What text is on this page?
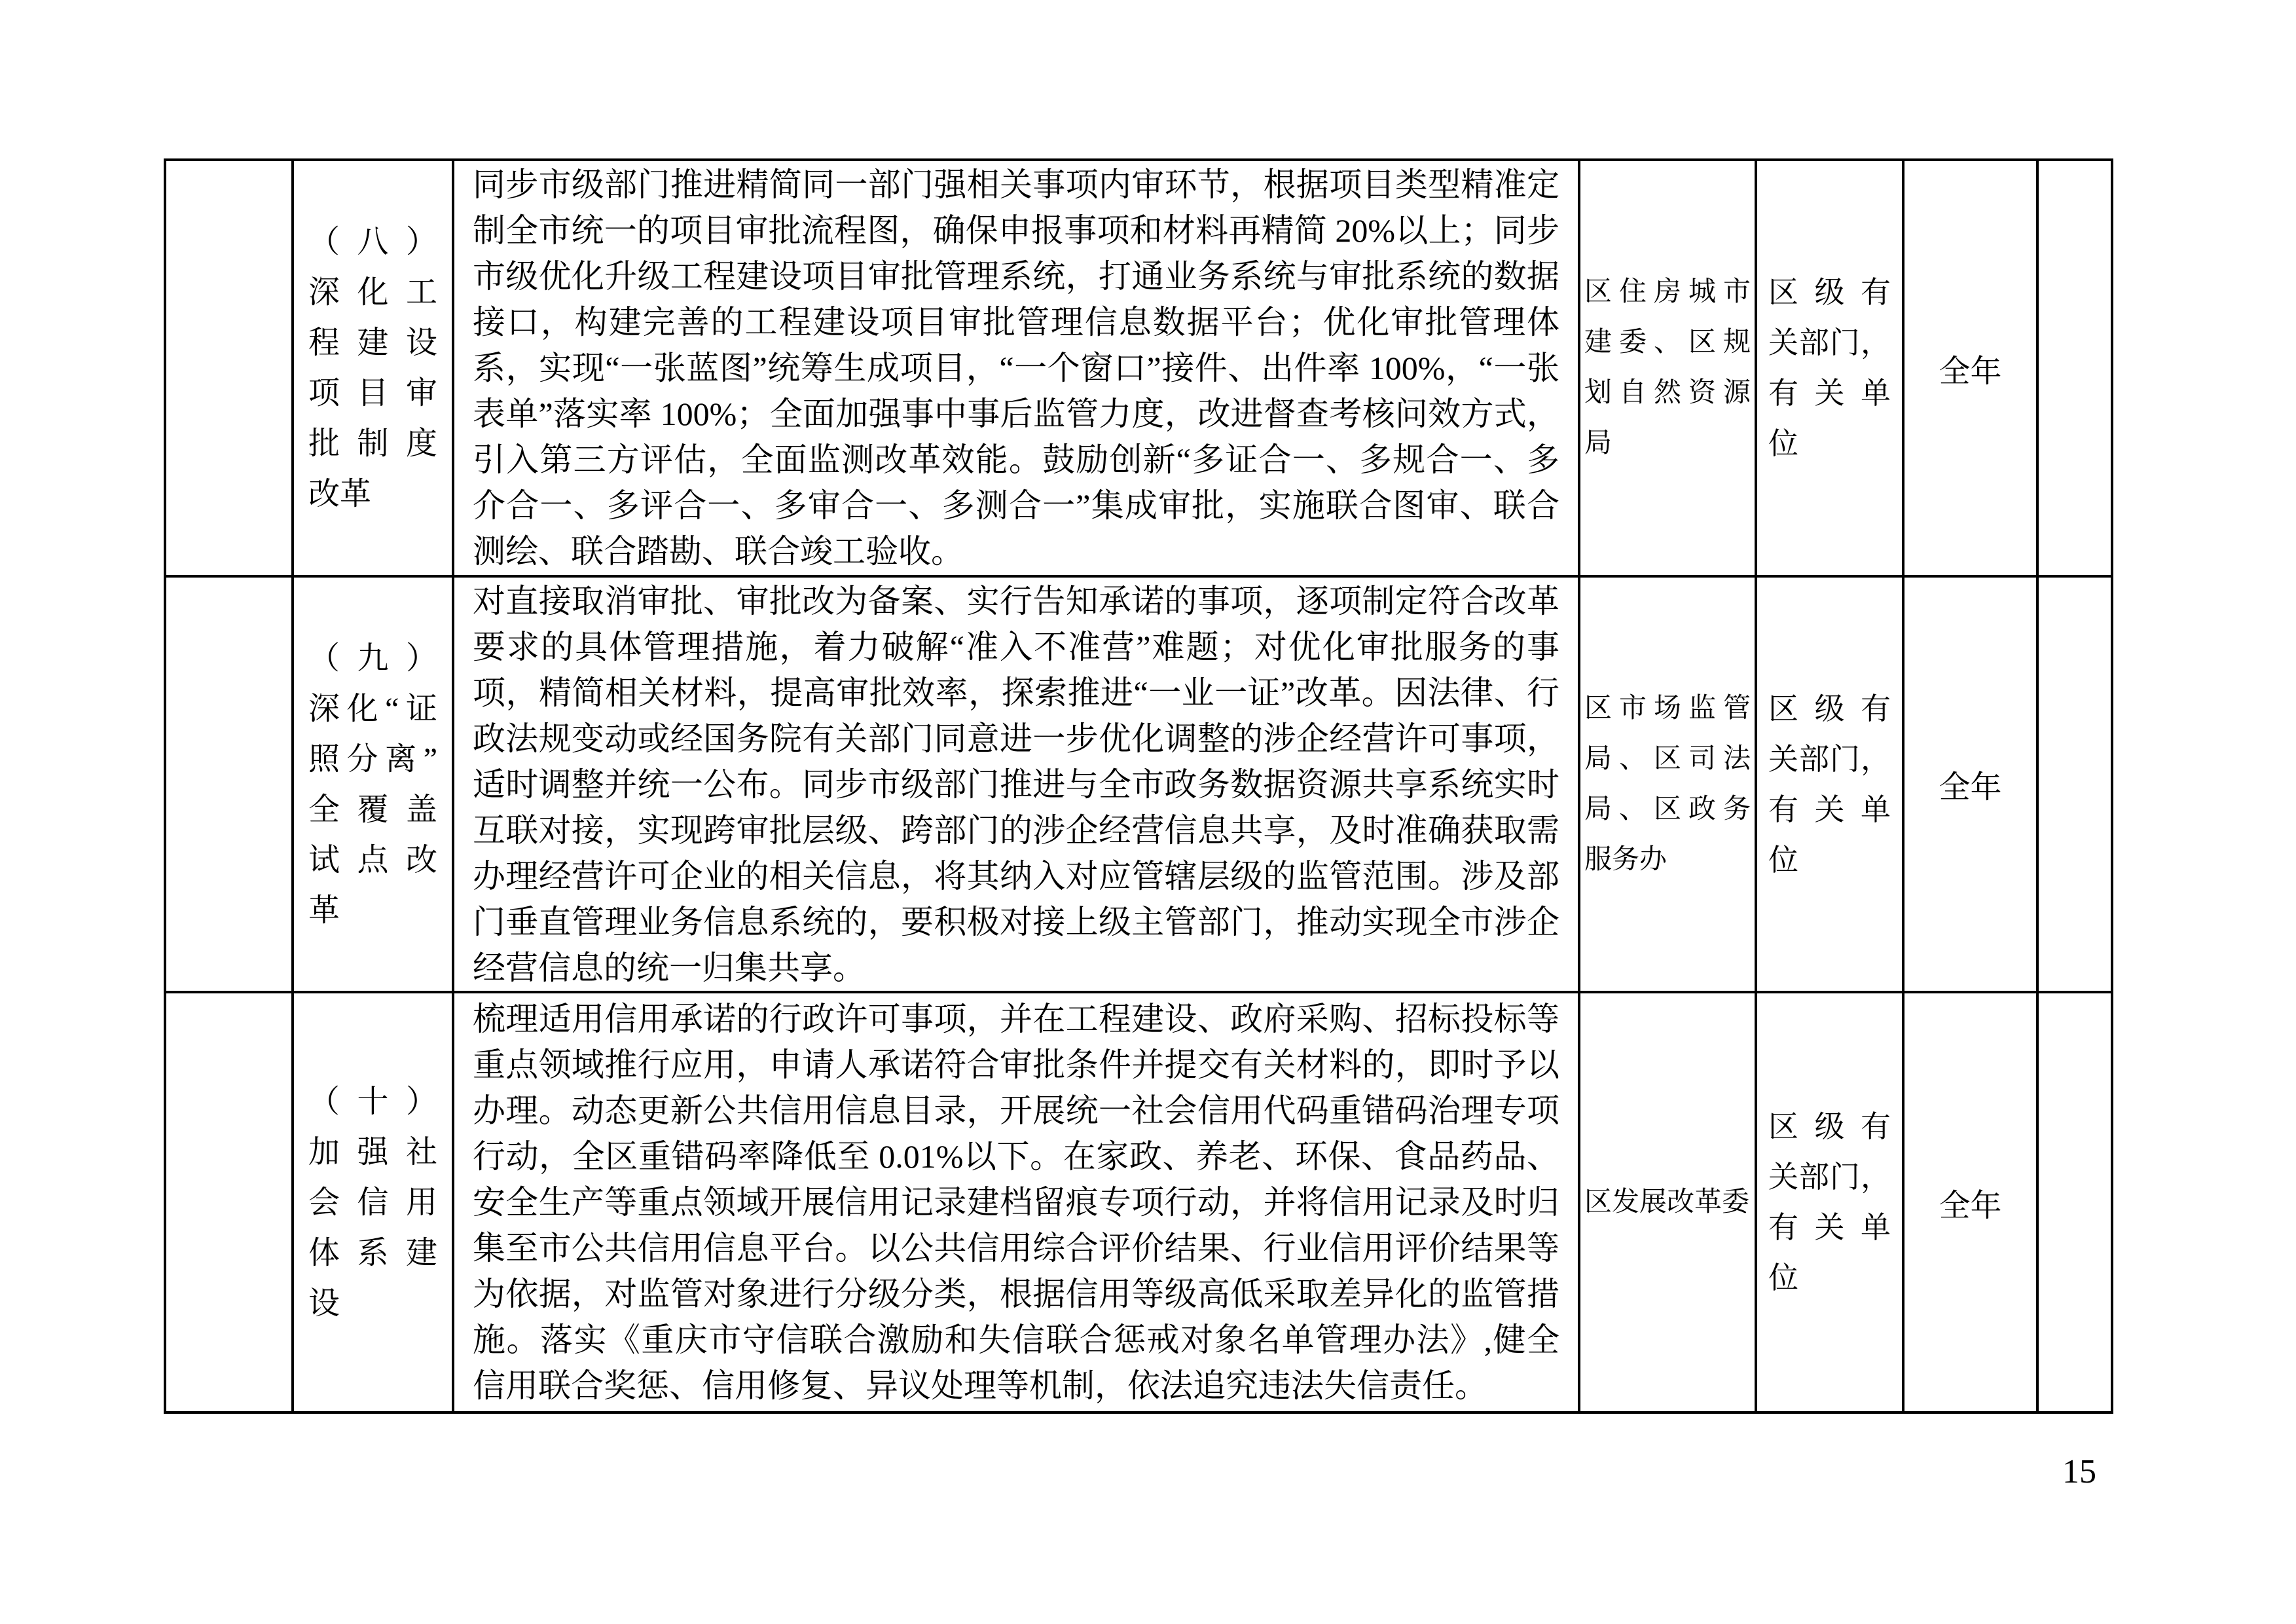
（八）
深化工
程建设
项目审
批制度
改革
同步市级部门推进精简同一部门强相关事项内审环节，根据项目类型精准定制全市统一的项目审批流程图，确保申报事项和材料再精简 20%以上；同步市级优化升级工程建设项目审批管理系统，打通业务系统与审批系统的数据接口，构建完善的工程建设项目审批管理信息数据平台；优化审批管理体系，实现“一张蓝图”统筹生成项目，“一个窗口”接件、出件率 100%，“一张表单”落实率 100%；全面加强事中事后监管力度，改进督查考核问效方式，引入第三方评估，全面监测改革效能。鼓励创新“多证合一、多规合一、多介合一、多评合一、多审合一、多测合一”集成审批，实施联合图审、联合测绘、联合踏勘、联合竣工验收。
区住房城市
建委、区规
划自然资源
局
区级有
关部门，
有关单
位
全年
（九）
深化“证
照分离”
全覆盖
试点改
革
对直接取消审批、审批改为备案、实行告知承诺的事项，逐项制定符合改革要求的具体管理措施，着力破解“准入不准营”难题；对优化审批服务的事项，精简相关材料，提高审批效率，探索推进“一业一证”改革。因法律、行政法规变动或经国务院有关部门同意进一步优化调整的涉企经营许可事项，适时调整并统一公布。同步市级部门推进与全市政务数据资源共享系统实时互联对接，实现跨审批层级、跨部门的涉企经营信息共享，及时准确获取需办理经营许可企业的相关信息，将其纳入对应管辖层级的监管范围。涉及部门垂直管理业务信息系统的，要积极对接上级主管部门，推动实现全市涉企经营信息的统一归集共享。
区市场监管
局、区司法
局、区政务
服务办
区级有
关部门，
有关单
位
全年
（十）
加强社
会信用
体系建
设
梳理适用信用承诺的行政许可事项，并在工程建设、政府采购、招标投标等重点领域推行应用，申请人承诺符合审批条件并提交有关材料的，即时予以办理。动态更新公共信用信息目录，开展统一社会信用代码重错码治理专项行动，全区重错码率降低至 0.01%以下。在家政、养老、环保、食品药品、安全生产等重点领域开展信用记录建档留痕专项行动，并将信用记录及时归集至市公共信用信息平台。以公共信用综合评价结果、行业信用评价结果等为依据，对监管对象进行分级分类，根据信用等级高低采取差异化的监管措施。落实《重庆市守信联合激励和失信联合惩戒对象名单管理办法》,健全信用联合奖惩、信用修复、异议处理等机制，依法追究违法失信责任。
区发展改革委
区级有
关部门，
有关单
位
全年
15
